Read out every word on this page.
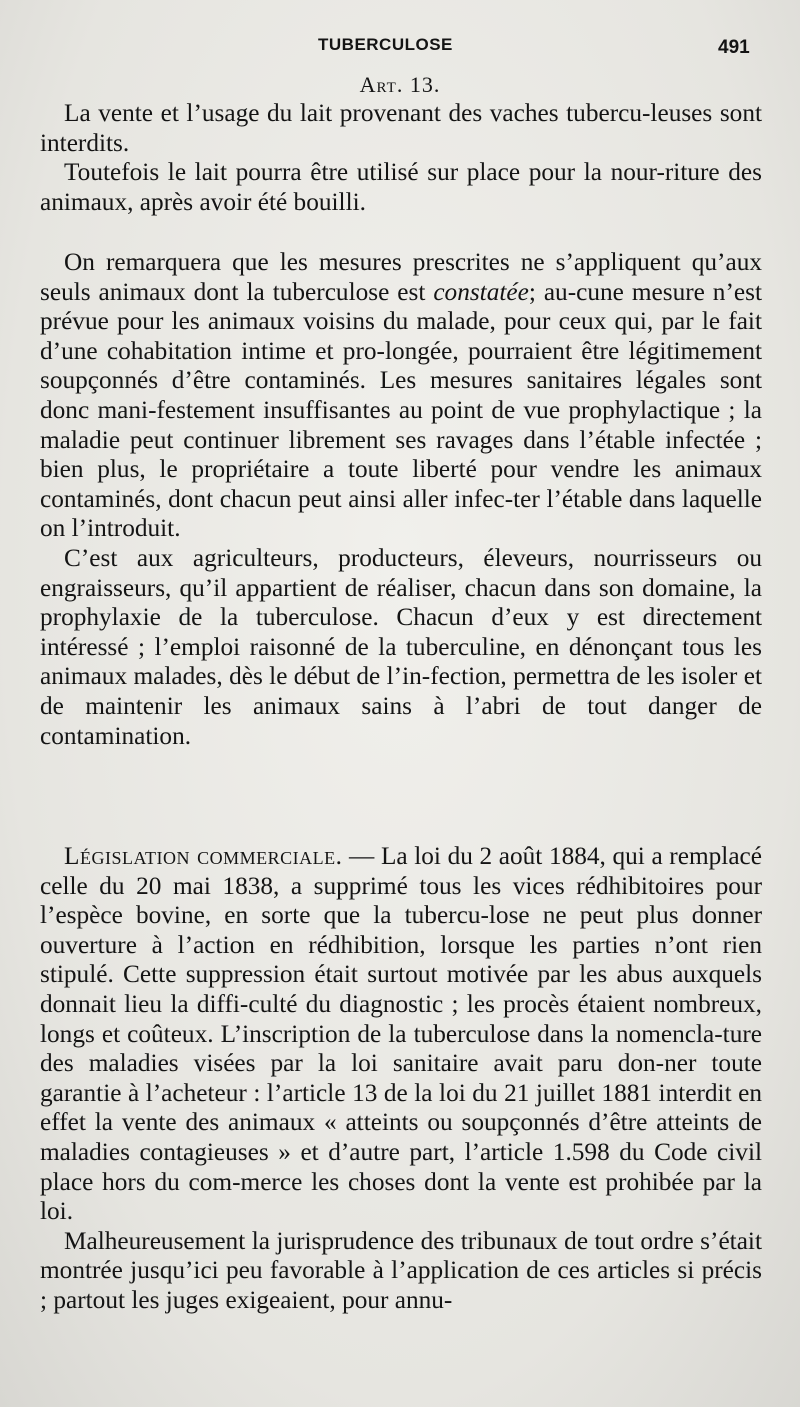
TUBERCULOSE	491
Art. 13.

La vente et l’usage du lait provenant des vaches tubercu-leuses sont interdits.

Toutefois le lait pourra être utilisé sur place pour la nour-riture des animaux, après avoir été bouilli.

On remarquera que les mesures prescrites ne s’appliquent qu’aux seuls animaux dont la tuberculose est constatée; au-cune mesure n’est prévue pour les animaux voisins du malade, pour ceux qui, par le fait d’une cohabitation intime et pro-longée, pourraient être légitimement soupçonnés d’être contaminés. Les mesures sanitaires légales sont donc mani-festement insuffisantes au point de vue prophylactique ; la maladie peut continuer librement ses ravages dans l’étable infectée ; bien plus, le propriétaire a toute liberté pour vendre les animaux contaminés, dont chacun peut ainsi aller infec-ter l’étable dans laquelle on l’introduit.

C’est aux agriculteurs, producteurs, éleveurs, nourrisseurs ou engraisseurs, qu’il appartient de réaliser, chacun dans son domaine, la prophylaxie de la tuberculose. Chacun d’eux y est directement intéressé ; l’emploi raisonné de la tuberculine, en dénonçant tous les animaux malades, dès le début de l’in-fection, permettra de les isoler et de maintenir les animaux sains à l’abri de tout danger de contamination.

Législation commerciale. — La loi du 2 août 1884, qui a remplacé celle du 20 mai 1838, a supprimé tous les vices rédhibitoires pour l’espèce bovine, en sorte que la tubercu-lose ne peut plus donner ouverture à l’action en rédhibition, lorsque les parties n’ont rien stipulé. Cette suppression était surtout motivée par les abus auxquels donnait lieu la diffi-culté du diagnostic ; les procès étaient nombreux, longs et coûteux. L’inscription de la tuberculose dans la nomencla-ture des maladies visées par la loi sanitaire avait paru don-ner toute garantie à l’acheteur : l’article 13 de la loi du 21 juillet 1881 interdit en effet la vente des animaux « atteints ou soupçonnés d’être atteints de maladies contagieuses » et d’autre part, l’article 1.598 du Code civil place hors du com-merce les choses dont la vente est prohibée par la loi.

Malheureusement la jurisprudence des tribunaux de tout ordre s’était montrée jusqu’ici peu favorable à l’application de ces articles si précis ; partout les juges exigeaient, pour annu-
